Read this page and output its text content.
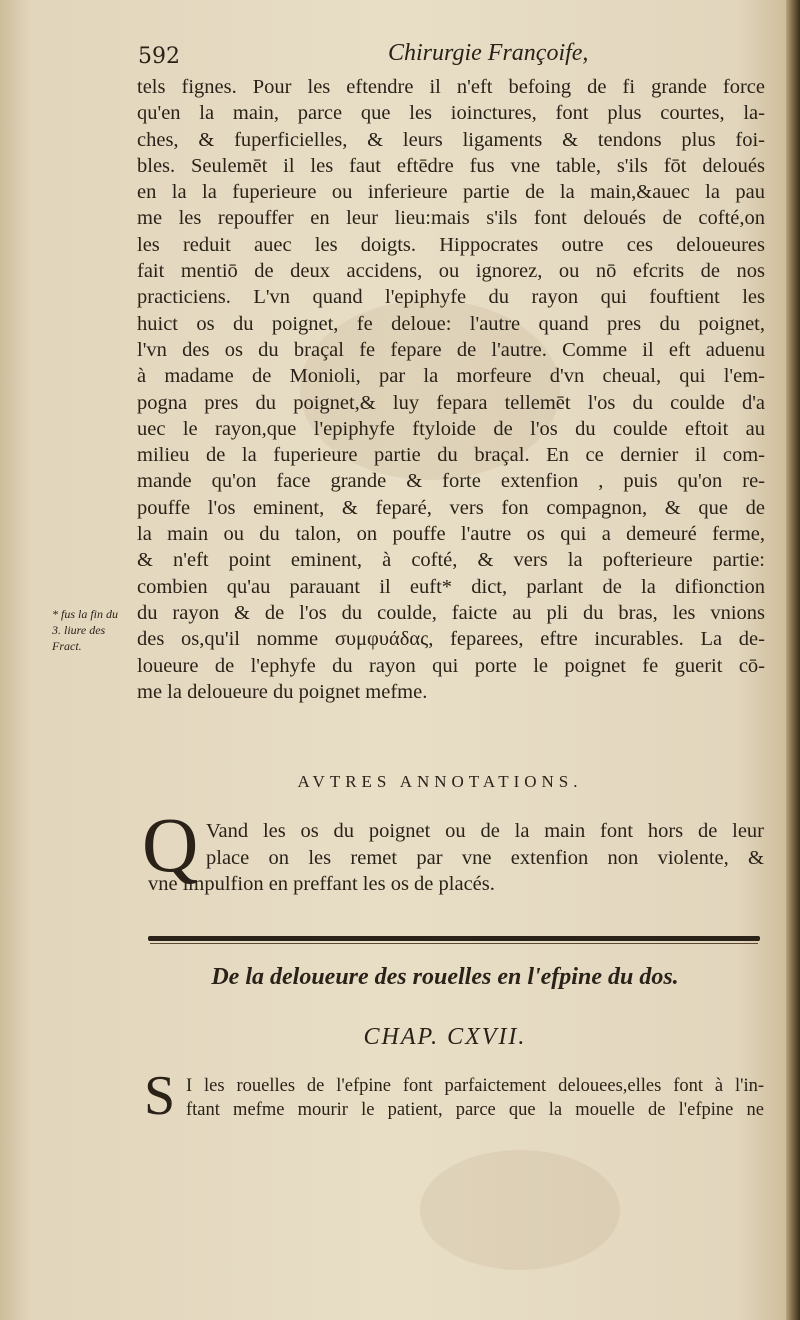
592	Chirurgie Françoife,
tels fignes. Pour les eftendre il n'eft befoing de fi grande force
qu'en la main, parce que les ioinctures, font plus courtes, la-
ches, & fuperficielles, & leurs ligaments & tendons plus foi-
bles. Seulemēt il les faut eftēdre fus vne table, s'ils fōt deloués
en la la fuperieure ou inferieure partie de la main,&auec la pau
me les repouffer en leur lieu:mais s'ils font deloués de cofté,on
les reduit auec les doigts. Hippocrates outre ces deloueures
fait mentiō de deux accidens, ou ignorez, ou nō efcrits de nos
practiciens. L'vn quand l'epiphyfe du rayon qui fouftient les
huict os du poignet, fe deloue: l'autre quand pres du poignet,
l'vn des os du braçal fe fepare de l'autre. Comme il eft aduenu
à madame de Monioli, par la morfeure d'vn cheual, qui l'em-
pogna pres du poignet,& luy fepara tellemēt l'os du coulde d'a
uec le rayon,que l'epiphyfe ftyloide de l'os du coulde eftoit au
milieu de la fuperieure partie du braçal. En ce dernier il com-
mande qu'on face grande & forte extenfion , puis qu'on re-
pouffe l'os eminent, & feparé, vers fon compagnon, & que de
la main ou du talon, on pouffe l'autre os qui a demeuré ferme,
& n'eft point eminent, à cofté, & vers la pofterieure partie:
combien qu'au parauant il euft* dict, parlant de la difionction
du rayon & de l'os du coulde, faicte au pli du bras, les vnions
des os,qu'il nomme συμφυάδας, feparees, eftre incurables. La de-
loueure de l'ephyfe du rayon qui porte le poignet fe guerit cō-
me la deloueure du poignet mefme.
* fus la fin du
3. liure des
Fract.
AVTRES ANNOTATIONS.
Q Vand les os du poignet ou de la main font hors de leur
place on les remet par vne extenfion non violente, &
vne impulfion en preffant les os de placés.
De la deloueure des rouelles en l'efpine du dos.
CHAP. CXVII.
S I les rouelles de l'efpine font parfaictement delouees,elles font à l'in-
ftant mefme mourir le patient, parce que la mouelle de l'efpine ne
